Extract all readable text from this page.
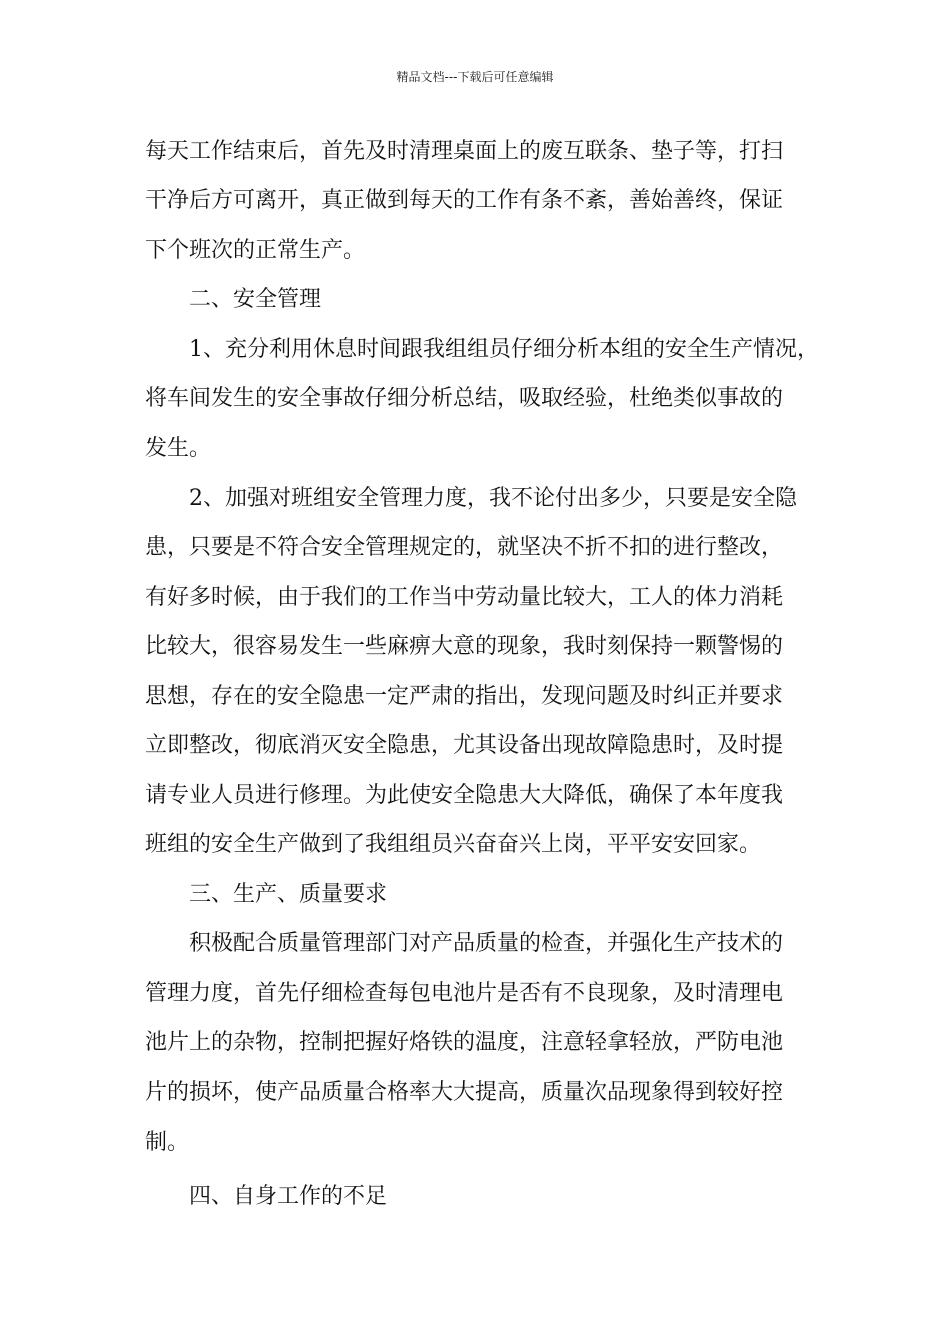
精品文档---下载后可任意编辑
每天工作结束后，首先及时清理桌面上的废互联条、垫子等，打扫
干净后方可离开，真正做到每天的工作有条不紊，善始善终，保证
下个班次的正常生产。
二、安全管理
1、充分利用休息时间跟我组组员仔细分析本组的安全生产情况，
将车间发生的安全事故仔细分析总结，吸取经验，杜绝类似事故的
发生。
2、加强对班组安全管理力度，我不论付出多少，只要是安全隐
患，只要是不符合安全管理规定的，就坚决不折不扣的进行整改，
有好多时候，由于我们的工作当中劳动量比较大，工人的体力消耗
比较大，很容易发生一些麻痹大意的现象，我时刻保持一颗警惕的
思想，存在的安全隐患一定严肃的指出，发现问题及时纠正并要求
立即整改，彻底消灭安全隐患，尤其设备出现故障隐患时，及时提
请专业人员进行修理。为此使安全隐患大大降低，确保了本年度我
班组的安全生产做到了我组组员兴奋奋兴上岗，平平安安回家。
三、生产、质量要求
积极配合质量管理部门对产品质量的检查，并强化生产技术的
管理力度，首先仔细检查每包电池片是否有不良现象，及时清理电
池片上的杂物，控制把握好烙铁的温度，注意轻拿轻放，严防电池
片的损坏，使产品质量合格率大大提高，质量次品现象得到较好控
制。
四、自身工作的不足
